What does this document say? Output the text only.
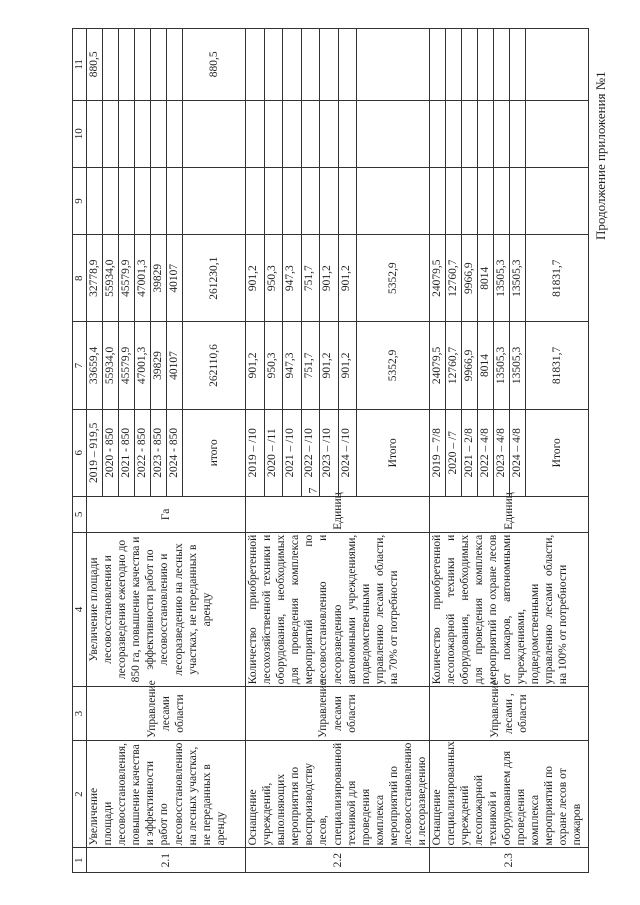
7
Продолжение приложения №1
1	2	3	4	5	6	7	8	9	10	11
2.1	Увеличение площади лесовосстановления, повышение качества и эффективности работ по лесовосстановлению на лесных участках, не переданных в аренду	Управление лесами области	Увеличение площади лесовосстановления и лесоразведения ежегодно до 850 га, повышение качества и эффективности работ по лесовосстановлению и лесоразведению на лесных участках, не переданных в аренду	Га	2019 – 919,5	33659,4	32778,9			880,5
					2020 - 850	55934,0	55934,0			
					2021 - 850	45579,9	45579,9			
					2022 - 850	47001,3	47001,3			
					2023 - 850	39829	39829			
					2024 - 850	40107	40107			
					итого	262110,6	261230,1			880,5
2.2	Оснащение учреждений, выполняющих мероприятия по воспроизводству лесов, специализированной техникой для проведения комплекса мероприятий по лесовосстановлению и лесоразведению	Управление лесами области	Количество приобретенной лесохозяйственной техники и оборудования, необходимых для проведения комплекса мероприятий по лесовосстановлению и лесоразведению автономными учреждениями, подведомственными управлению лесами области, на 70% от потребности	Единиц	2019 – /10	901,2	901,2			
					2020 – /11	950,3	950,3			
					2021 – /10	947,3	947,3			
					2022 – /10	751,7	751,7			
					2023 – /10	901,2	901,2			
					2024 – /10	901,2	901,2			
					Итого	5352,9	5352,9			
2.3	Оснащение специализированных учреждений лесопожарной техникой и оборудованием для проведения комплекса мероприятий по охране лесов от пожаров	Управление лесами , области	Количество приобретенной лесопожарной техники и оборудования, необходимых для проведения комплекса мероприятий по охране лесов от пожаров, автономными учреждениями, подведомственными управлению лесами области, на 100% от потребности	Единиц	2019 – 7/8	24079,5	24079,5			
					2020 – /7	12760,7	12760,7			
					2021 – 2/8	9966,9	9966,9			
					2022 – 4/8	8014	8014			
					2023 – 4/8	13505,3	13505,3			
					2024 – 4/8	13505,3	13505,3			
					Итого	81831,7	81831,7			
